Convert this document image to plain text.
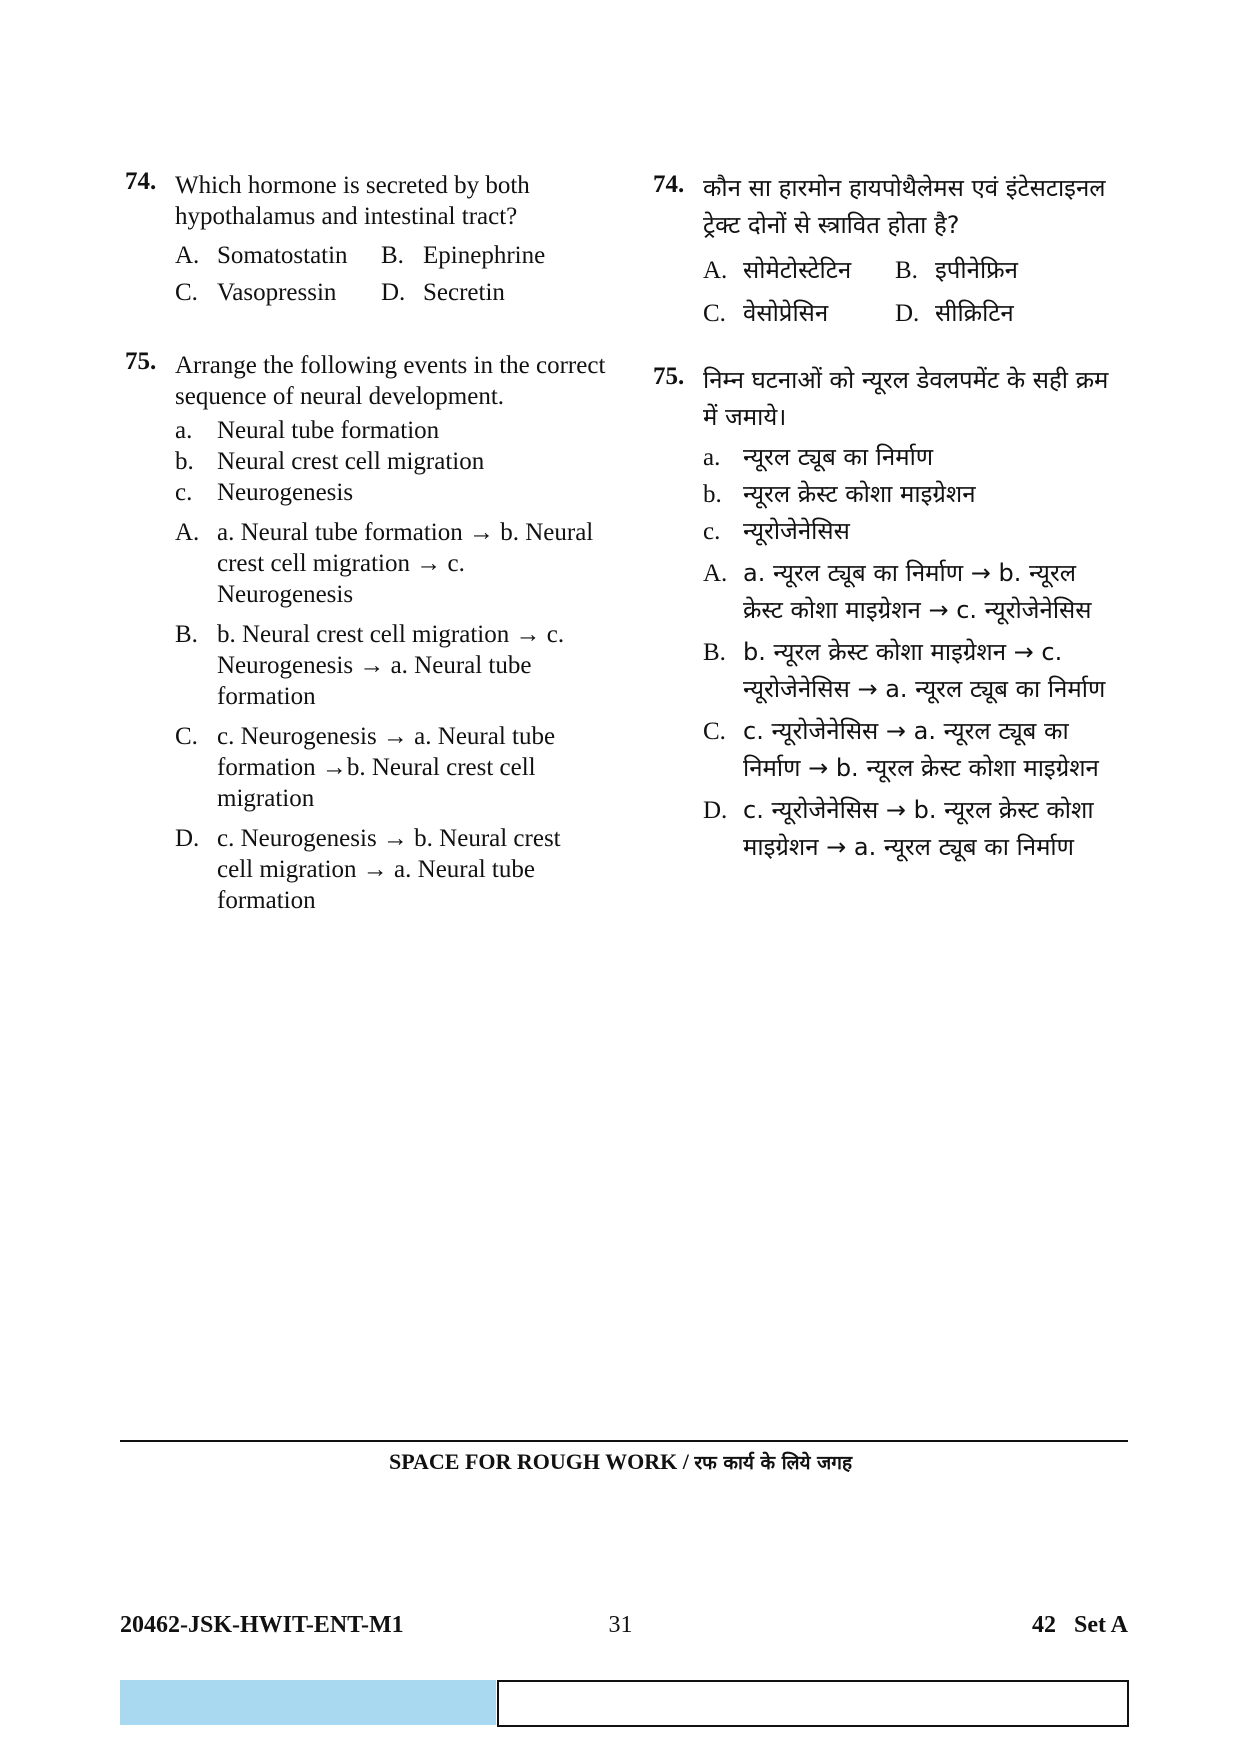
74. Which hormone is secreted by both hypothalamus and intestinal tract?
A. Somatostatin B. Epinephrine
C. Vasopressin D. Secretin
75. Arrange the following events in the correct sequence of neural development.
a. Neural tube formation
b. Neural crest cell migration
c. Neurogenesis
A. a. Neural tube formation → b. Neural crest cell migration → c. Neurogenesis
B. b. Neural crest cell migration → c. Neurogenesis → a. Neural tube formation
C. c. Neurogenesis → a. Neural tube formation →b. Neural crest cell migration
D. c. Neurogenesis → b. Neural crest cell migration → a. Neural tube formation
74. कौन सा हारमोन हायपोथैलेमस एवं इंटेसटाइनल ट्रेक्ट दोनों से स्त्रावित होता है?
A. सोमेटोस्टेटिन B. इपीनेफ्रिन
C. वेसोप्रेसिन	D. सीक्रिटिन
75. निम्न घटनाओं को न्यूरल डेवलपमेंट के सही क्रम में जमाये।
a. न्यूरल ट्यूब का निर्माण
b. न्यूरल क्रेस्ट कोशा माइग्रेशन
c. न्यूरोजेनेसिस
A. a. न्यूरल ट्यूब का निर्माण → b. न्यूरल क्रेस्ट कोशा माइग्रेशन → c. न्यूरोजेनेसिस
B. b. न्यूरल क्रेस्ट कोशा माइग्रेशन → c. न्यूरोजेनेसिस → a. न्यूरल ट्यूब का निर्माण
C. c. न्यूरोजेनेसिस → a. न्यूरल ट्यूब का निर्माण → b. न्यूरल क्रेस्ट कोशा माइग्रेशन
D. c. न्यूरोजेनेसिस → b. न्यूरल क्रेस्ट कोशा माइग्रेशन → a. न्यूरल ट्यूब का निर्माण
SPACE FOR ROUGH WORK / रफ कार्य के लिये जगह
20462-JSK-HWIT-ENT-M1	31	42   Set A
